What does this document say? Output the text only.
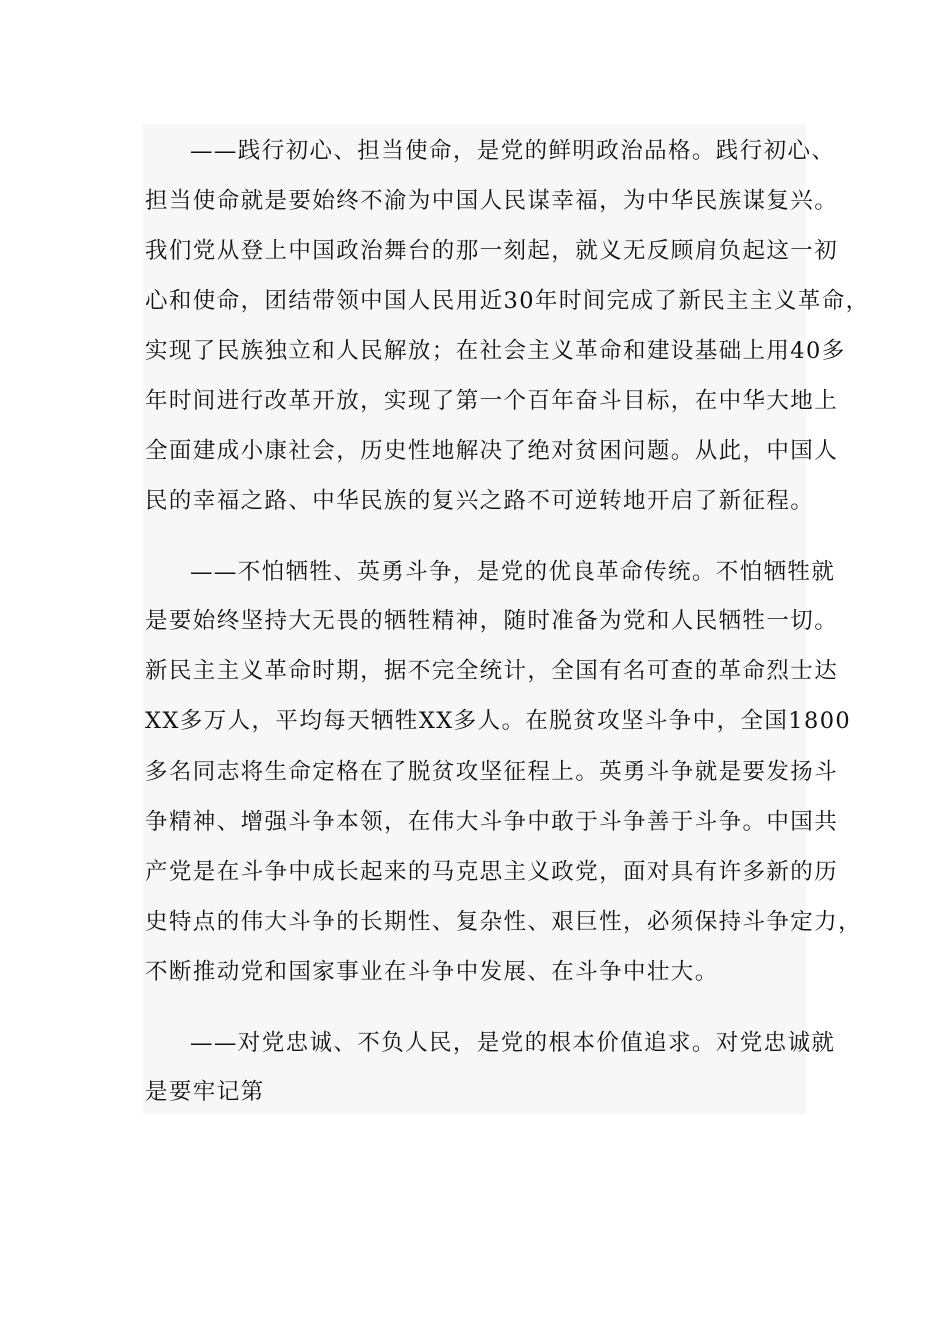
——践行初心、担当使命，是党的鲜明政治品格。践行初心、
担当使命就是要始终不渝为中国人民谋幸福，为中华民族谋复兴。
我们党从登上中国政治舞台的那一刻起，就义无反顾肩负起这一初
心和使命，团结带领中国人民用近30年时间完成了新民主主义革命，
实现了民族独立和人民解放；在社会主义革命和建设基础上用40多
年时间进行改革开放，实现了第一个百年奋斗目标，在中华大地上
全面建成小康社会，历史性地解决了绝对贫困问题。从此，中国人
民的幸福之路、中华民族的复兴之路不可逆转地开启了新征程。
——不怕牺牲、英勇斗争，是党的优良革命传统。不怕牺牲就
是要始终坚持大无畏的牺牲精神，随时准备为党和人民牺牲一切。
新民主主义革命时期，据不完全统计，全国有名可查的革命烈士达
XX多万人，平均每天牺牲XX多人。在脱贫攻坚斗争中，全国1800
多名同志将生命定格在了脱贫攻坚征程上。英勇斗争就是要发扬斗
争精神、增强斗争本领，在伟大斗争中敢于斗争善于斗争。中国共
产党是在斗争中成长起来的马克思主义政党，面对具有许多新的历
史特点的伟大斗争的长期性、复杂性、艰巨性，必须保持斗争定力，
不断推动党和国家事业在斗争中发展、在斗争中壮大。
——对党忠诚、不负人民，是党的根本价值追求。对党忠诚就
是要牢记第
